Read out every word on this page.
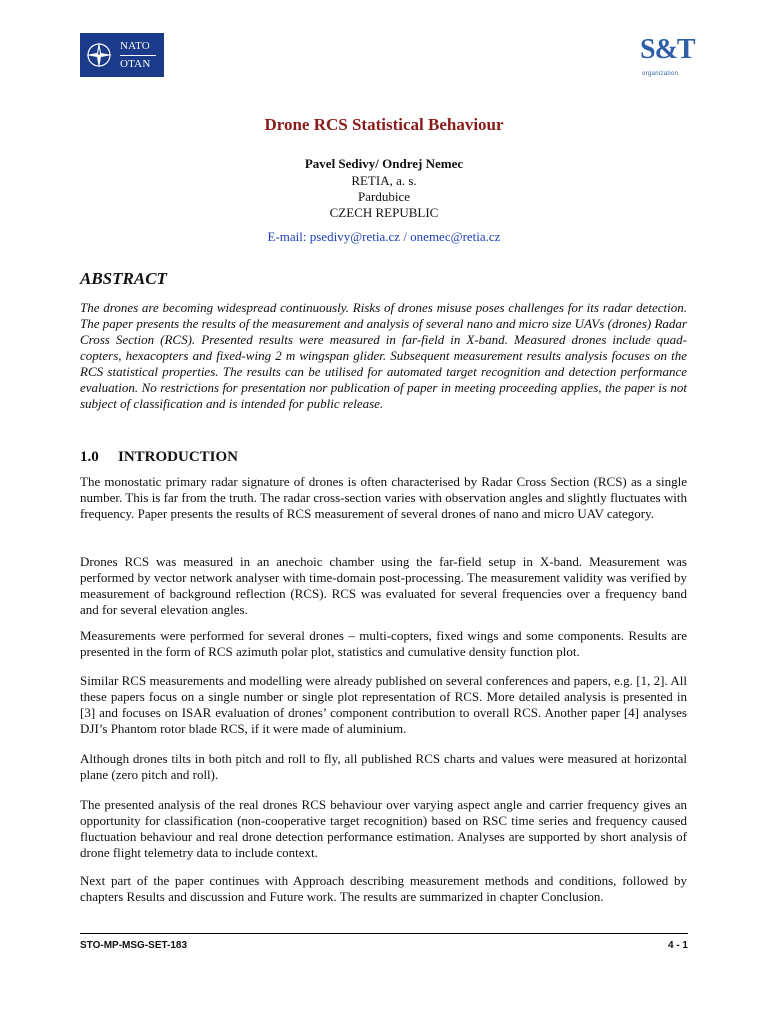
NATO
OTAN	S&T
organization
Drone RCS Statistical Behaviour
Pavel Sedivy/ Ondrej Nemec
RETIA, a. s.
Pardubice
CZECH REPUBLIC
E-mail: psedivy@retia.cz / onemec@retia.cz
ABSTRACT

The drones are becoming widespread continuously. Risks of drones misuse poses challenges for its radar detection. The paper presents the results of the measurement and analysis of several nano and micro size UAVs (drones) Radar Cross Section (RCS). Presented results were measured in far-field in X-band. Measured drones include quad-copters, hexacopters and fixed-wing 2 m wingspan glider. Subsequent measurement results analysis focuses on the RCS statistical properties. The results can be utilised for automated target recognition and detection performance evaluation. No restrictions for presentation nor publication of paper in meeting proceeding applies, the paper is not subject of classification and is intended for public release.

1.0 INTRODUCTION

The monostatic primary radar signature of drones is often characterised by Radar Cross Section (RCS) as a single number. This is far from the truth. The radar cross-section varies with observation angles and slightly fluctuates with frequency. Paper presents the results of RCS measurement of several drones of nano and micro UAV category.

Drones RCS was measured in an anechoic chamber using the far-field setup in X-band. Measurement was performed by vector network analyser with time-domain post-processing. The measurement validity was verified by measurement of background reflection (RCS). RCS was evaluated for several frequencies over a frequency band and for several elevation angles.

Measurements were performed for several drones – multi-copters, fixed wings and some components. Results are presented in the form of RCS azimuth polar plot, statistics and cumulative density function plot.

Similar RCS measurements and modelling were already published on several conferences and papers, e.g. [1, 2]. All these papers focus on a single number or single plot representation of RCS. More detailed analysis is presented in [3] and focuses on ISAR evaluation of drones’ component contribution to overall RCS. Another paper [4] analyses DJI’s Phantom rotor blade RCS, if it were made of aluminium.

Although drones tilts in both pitch and roll to fly, all published RCS charts and values were measured at horizontal plane (zero pitch and roll).

The presented analysis of the real drones RCS behaviour over varying aspect angle and carrier frequency gives an opportunity for classification (non-cooperative target recognition) based on RSC time series and frequency caused fluctuation behaviour and real drone detection performance estimation. Analyses are supported by short analysis of drone flight telemetry data to include context.

Next part of the paper continues with Approach describing measurement methods and conditions, followed by chapters Results and discussion and Future work. The results are summarized in chapter Conclusion.

STO-MP-MSG-SET-183	4 - 1
